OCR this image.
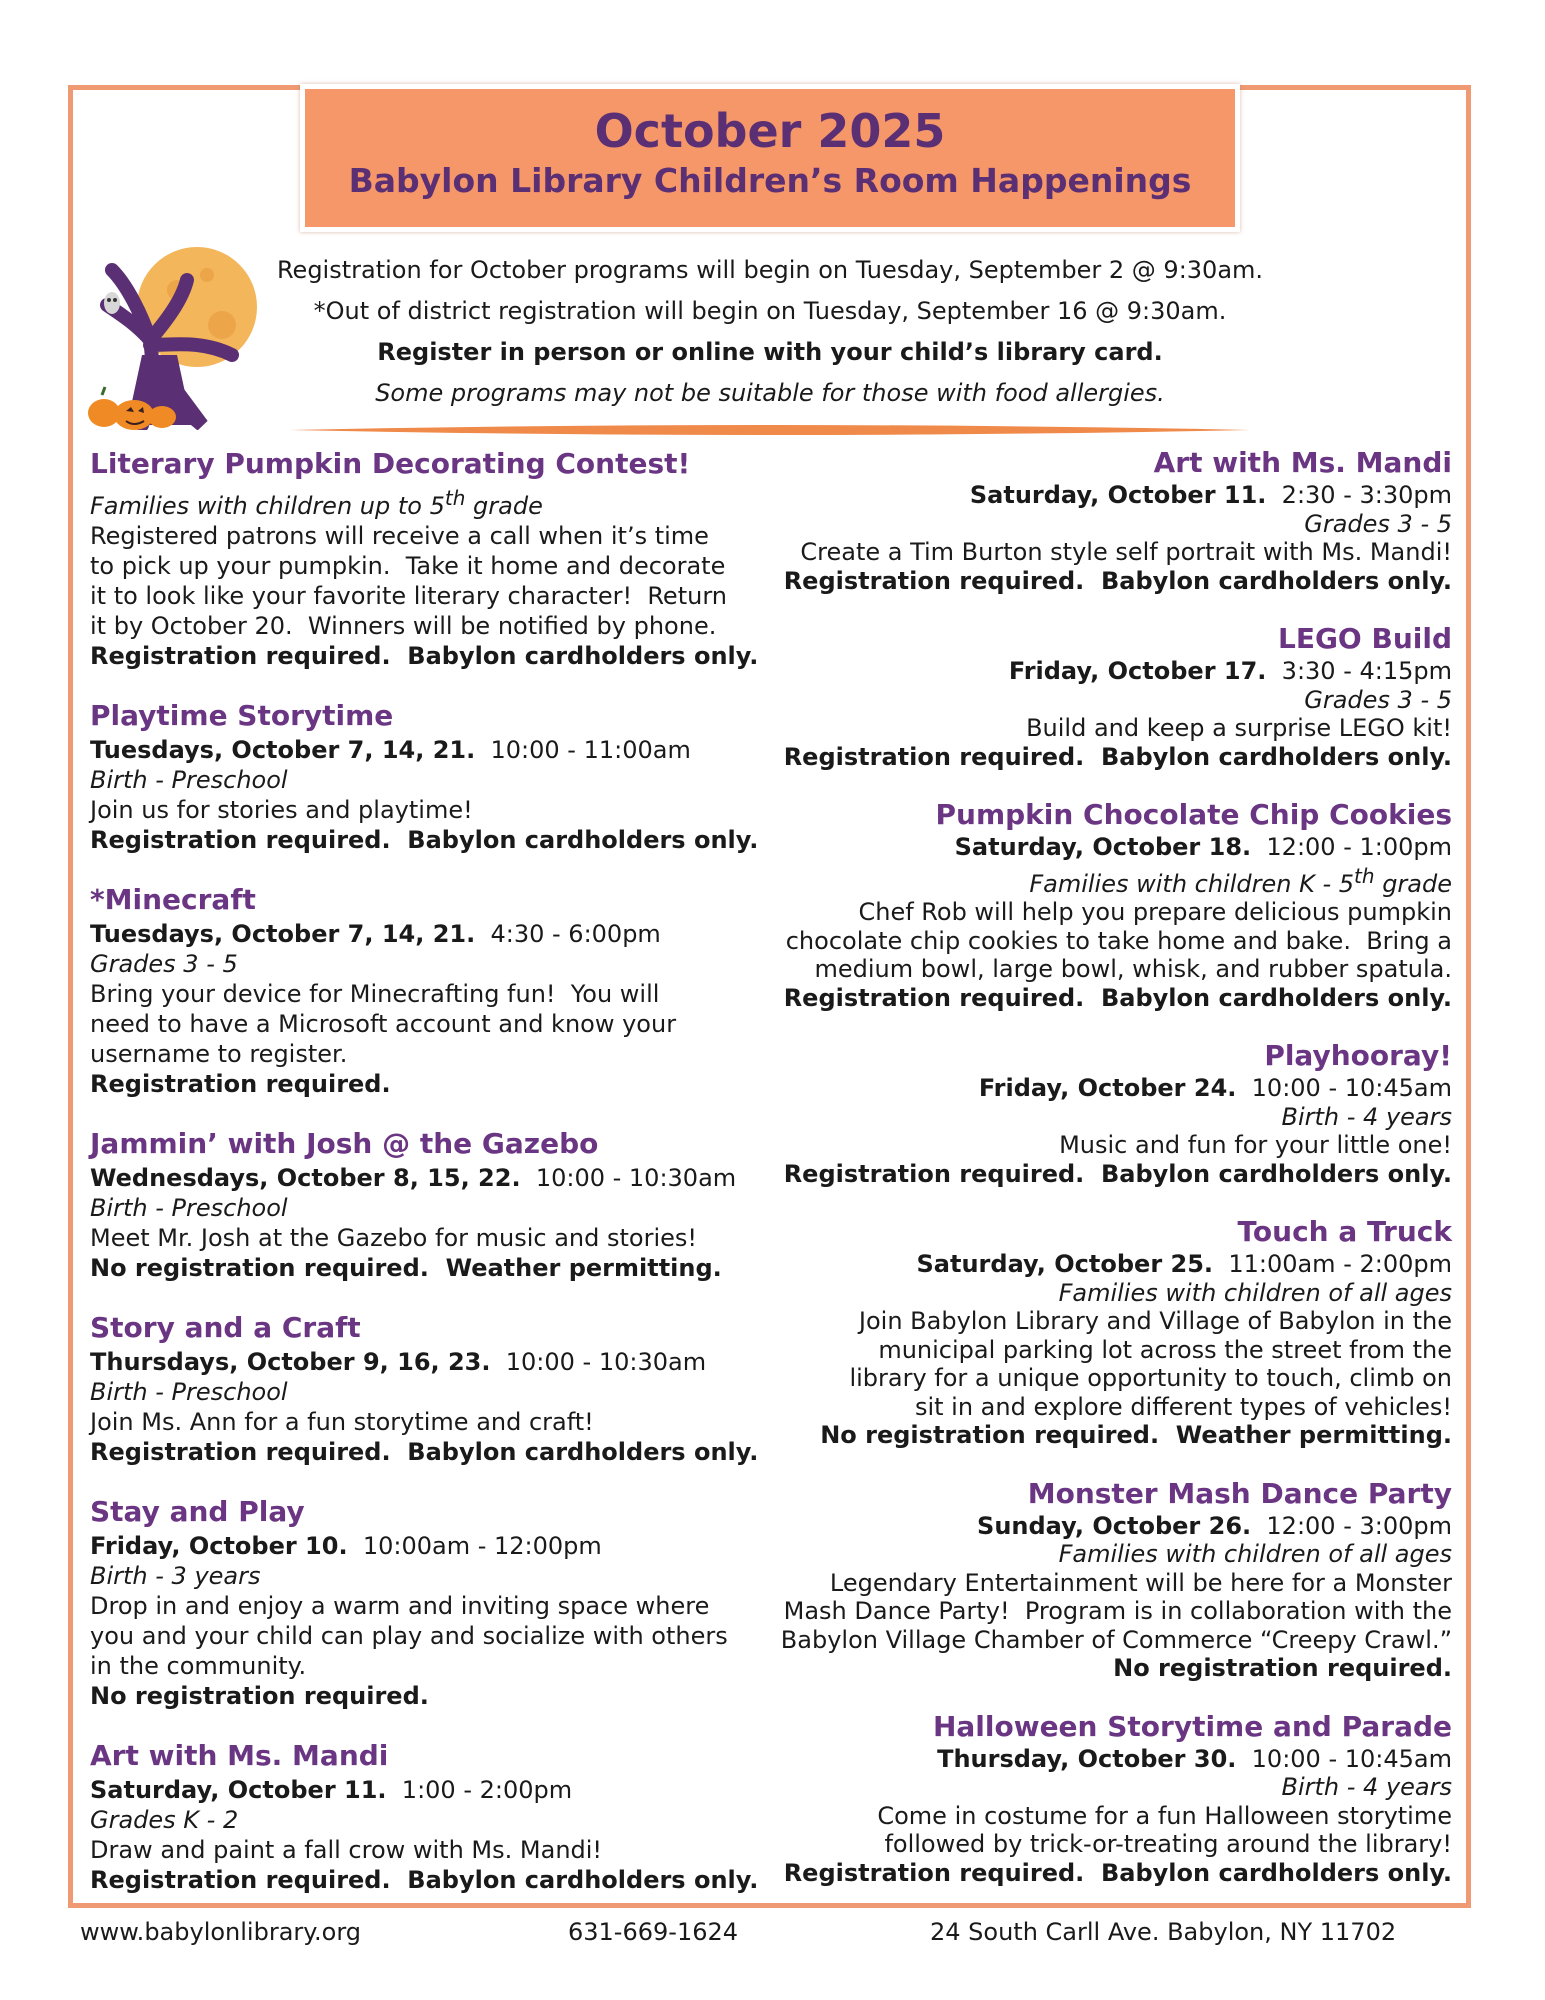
October 2025
Babylon Library Children’s Room Happenings
Registration for October programs will begin on Tuesday, September 2 @ 9:30am.
*Out of district registration will begin on Tuesday, September 16 @ 9:30am.
Register in person or online with your child’s library card.
Some programs may not be suitable for those with food allergies.
Literary Pumpkin Decorating Contest!
Families with children up to 5th grade
Registered patrons will receive a call when it’s time
to pick up your pumpkin.  Take it home and decorate
it to look like your favorite literary character!  Return
it by October 20.  Winners will be notified by phone.
Registration required.  Babylon cardholders only.
Playtime Storytime
Tuesdays, October 7, 14, 21. 10:00 - 11:00am
Birth - Preschool
Join us for stories and playtime!
Registration required.  Babylon cardholders only.
*Minecraft
Tuesdays, October 7, 14, 21. 4:30 - 6:00pm
Grades 3 - 5
Bring your device for Minecrafting fun!  You will
need to have a Microsoft account and know your
username to register.
Registration required.
Jammin’ with Josh @ the Gazebo
Wednesdays, October 8, 15, 22. 10:00 - 10:30am
Birth - Preschool
Meet Mr. Josh at the Gazebo for music and stories!
No registration required.  Weather permitting.
Story and a Craft
Thursdays, October 9, 16, 23. 10:00 - 10:30am
Birth - Preschool
Join Ms. Ann for a fun storytime and craft!
Registration required.  Babylon cardholders only.
Stay and Play
Friday, October 10. 10:00am - 12:00pm
Birth - 3 years
Drop in and enjoy a warm and inviting space where
you and your child can play and socialize with others
in the community.
No registration required.
Art with Ms. Mandi
Saturday, October 11. 1:00 - 2:00pm
Grades K - 2
Draw and paint a fall crow with Ms. Mandi!
Registration required.  Babylon cardholders only.
Art with Ms. Mandi
Saturday, October 11. 2:30 - 3:30pm
Grades 3 - 5
Create a Tim Burton style self portrait with Ms. Mandi!
Registration required.  Babylon cardholders only.
LEGO Build
Friday, October 17. 3:30 - 4:15pm
Grades 3 - 5
Build and keep a surprise LEGO kit!
Registration required.  Babylon cardholders only.
Pumpkin Chocolate Chip Cookies
Saturday, October 18. 12:00 - 1:00pm
Families with children K - 5th grade
Chef Rob will help you prepare delicious pumpkin
chocolate chip cookies to take home and bake.  Bring a
medium bowl, large bowl, whisk, and rubber spatula.
Registration required.  Babylon cardholders only.
Playhooray!
Friday, October 24. 10:00 - 10:45am
Birth - 4 years
Music and fun for your little one!
Registration required.  Babylon cardholders only.
Touch a Truck
Saturday, October 25. 11:00am - 2:00pm
Families with children of all ages
Join Babylon Library and Village of Babylon in the
municipal parking lot across the street from the
library for a unique opportunity to touch, climb on
sit in and explore different types of vehicles!
No registration required.  Weather permitting.
Monster Mash Dance Party
Sunday, October 26. 12:00 - 3:00pm
Families with children of all ages
Legendary Entertainment will be here for a Monster
Mash Dance Party!  Program is in collaboration with the
Babylon Village Chamber of Commerce “Creepy Crawl.”
No registration required.
Halloween Storytime and Parade
Thursday, October 30. 10:00 - 10:45am
Birth - 4 years
Come in costume for a fun Halloween storytime
followed by trick-or-treating around the library!
Registration required.  Babylon cardholders only.
www.babylonlibrary.org	631-669-1624	24 South Carll Ave. Babylon, NY 11702
